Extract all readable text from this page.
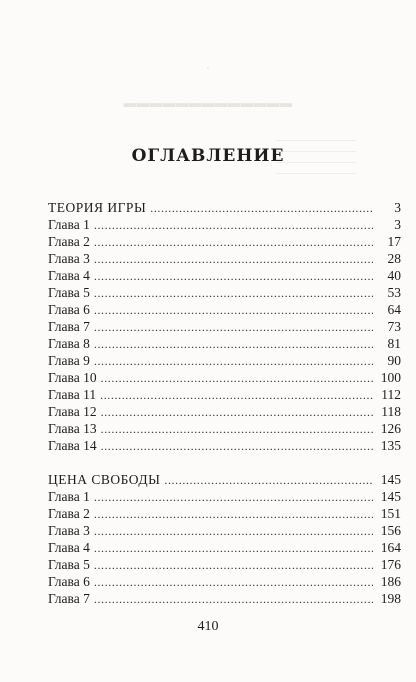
·
▬▬▬▬▬▬▬▬▬▬▬▬▬
ОГЛАВЛЕНИЕ
ТЕОРИЯ ИГРЫ . . .	3
Глава 1 . . .	3
Глава 2 . . .	17
Глава 3 . . .	28
Глава 4 . . .	40
Глава 5 . . .	53
Глава 6 . . .	64
Глава 7 . . .	73
Глава 8 . . .	81
Глава 9 . . .	90
Глава 10 . . .	100
Глава 11 . . .	112
Глава 12 . . .	118
Глава 13 . . .	126
Глава 14 . . .	135
ЦЕНА СВОБОДЫ . . .	145
Глава 1 . . .	145
Глава 2 . . .	151
Глава 3 . . .	156
Глава 4 . . .	164
Глава 5 . . .	176
Глава 6 . . .	186
Глава 7 . . .	198
410
